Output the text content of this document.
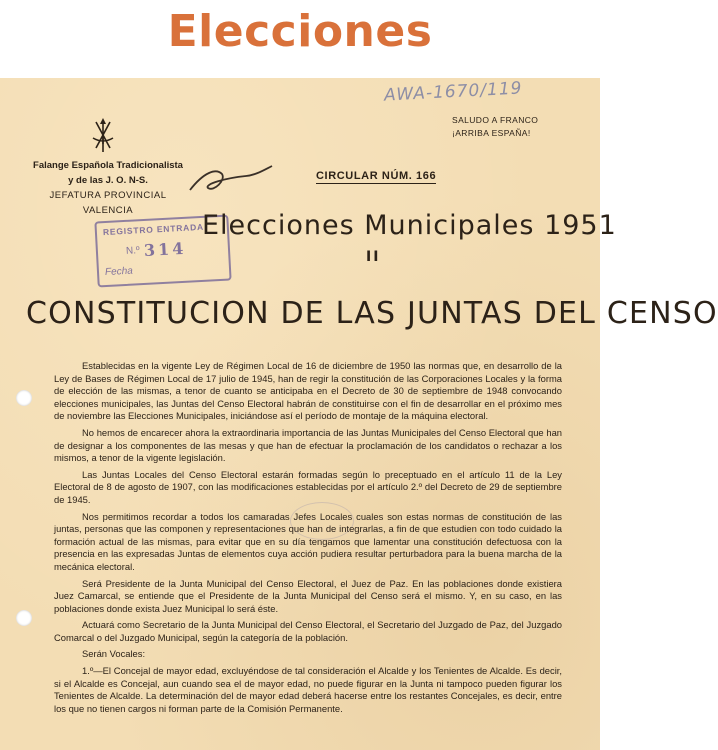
Elecciones
AWA-1670/119
SALUDO A FRANCO
¡ARRIBA ESPAÑA!
Falange Española Tradicionalista
y de las J. O. N-S.
JEFATURA PROVINCIAL
VALENCIA
CIRCULAR NÚM. 166
REGISTRO ENTRADA
N.º 314
Fecha
Elecciones Municipales 1951
II
CONSTITUCION DE LAS JUNTAS DEL CENSO

Establecidas en la vigente Ley de Régimen Local de 16 de diciembre de 1950 las normas que, en desarrollo de la Ley de Bases de Régimen Local de 17 julio de 1945, han de regir la constitución de las Corporaciones Locales y la forma de elección de las mismas, a tenor de cuanto se anticipaba en el Decreto de 30 de septiembre de 1948 convocando elecciones municipales, las Juntas del Censo Electoral habrán de constituirse con el fin de desarrollar en el próximo mes de noviembre las Elecciones Municipales, iniciándose así el período de montaje de la máquina electoral.

No hemos de encarecer ahora la extraordinaria importancia de las Juntas Municipales del Censo Electoral que han de designar a los componentes de las mesas y que han de efectuar la proclamación de los candidatos o rechazar a los mismos, a tenor de la vigente legislación.

Las Juntas Locales del Censo Electoral estarán formadas según lo preceptuado en el artículo 11 de la Ley Electoral de 8 de agosto de 1907, con las modificaciones establecidas por el artículo 2.º del Decreto de 29 de septiembre de 1945.

Nos permitimos recordar a todos los camaradas Jefes Locales cuales son estas normas de constitución de las juntas, personas que las componen y representaciones que han de integrarlas, a fin de que estudien con todo cuidado la formación actual de las mismas, para evitar que en su día tengamos que lamentar una constitución defectuosa con la presencia en las expresadas Juntas de elementos cuya acción pudiera resultar perturbadora para la buena marcha de la mecánica electoral.

Será Presidente de la Junta Municipal del Censo Electoral, el Juez de Paz. En las poblaciones donde existiera Juez Camarcal, se entiende que el Presidente de la Junta Municipal del Censo será el mismo. Y, en su caso, en las poblaciones donde exista Juez Municipal lo será éste.

Actuará como Secretario de la Junta Municipal del Censo Electoral, el Secretario del Juzgado de Paz, del Juzgado Comarcal o del Juzgado Municipal, según la categoría de la población.

Serán Vocales:

1.º—El Concejal de mayor edad, excluyéndose de tal consideración el Alcalde y los Tenientes de Alcalde. Es decir, si el Alcalde es Concejal, aun cuando sea el de mayor edad, no puede figurar en la Junta ni tampoco pueden figurar los Tenientes de Alcalde. La determinación del de mayor edad deberá hacerse entre los restantes Concejales, es decir, entre los que no tienen cargos ni forman parte de la Comisión Permanente.
